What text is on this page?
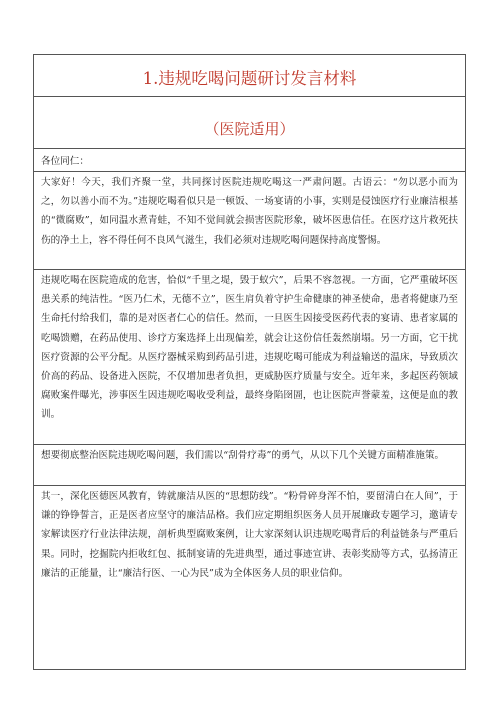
1.违规吃喝问题研讨发言材料
（医院适用）

各位同仁：

大家好！今天，我们齐聚一堂，共同探讨医院违规吃喝这一严肃问题。古语云：“勿以恶小而为之，勿以善小而不为。”违规吃喝看似只是一顿饭、一场宴请的小事，实则是侵蚀医疗行业廉洁根基的“微腐败”，如同温水煮青蛙，不知不觉间就会损害医院形象，破坏医患信任。在医疗这片救死扶伤的净土上，容不得任何不良风气滋生，我们必须对违规吃喝问题保持高度警惕。

违规吃喝在医院造成的危害，恰似“千里之堤，毁于蚁穴”，后果不容忽视。一方面，它严重破坏医患关系的纯洁性。“医乃仁术，无德不立”，医生肩负着守护生命健康的神圣使命，患者将健康乃至生命托付给我们，靠的是对医者仁心的信任。然而，一旦医生因接受医药代表的宴请、患者家属的吃喝馈赠，在药品使用、诊疗方案选择上出现偏差，就会让这份信任轰然崩塌。另一方面，它干扰医疗资源的公平分配。从医疗器械采购到药品引进，违规吃喝可能成为利益输送的温床，导致质次价高的药品、设备进入医院，不仅增加患者负担，更威胁医疗质量与安全。近年来，多起医药领域腐败案件曝光，涉事医生因违规吃喝收受利益，最终身陷囹圄，也让医院声誉蒙羞，这便是血的教训。

想要彻底整治医院违规吃喝问题，我们需以“刮骨疗毒”的勇气，从以下几个关键方面精准施策。

其一，深化医德医风教育，铸就廉洁从医的“思想防线”。“粉骨碎身浑不怕，要留清白在人间”，于谦的铮铮誓言，正是医者应坚守的廉洁品格。我们应定期组织医务人员开展廉政专题学习，邀请专家解读医疗行业法律法规，剖析典型腐败案例，让大家深刻认识违规吃喝背后的利益链条与严重后果。同时，挖掘院内拒收红包、抵制宴请的先进典型，通过事迹宣讲、表彰奖励等方式，弘扬清正廉洁的正能量，让“廉洁行医、一心为民”成为全体医务人员的职业信仰。
